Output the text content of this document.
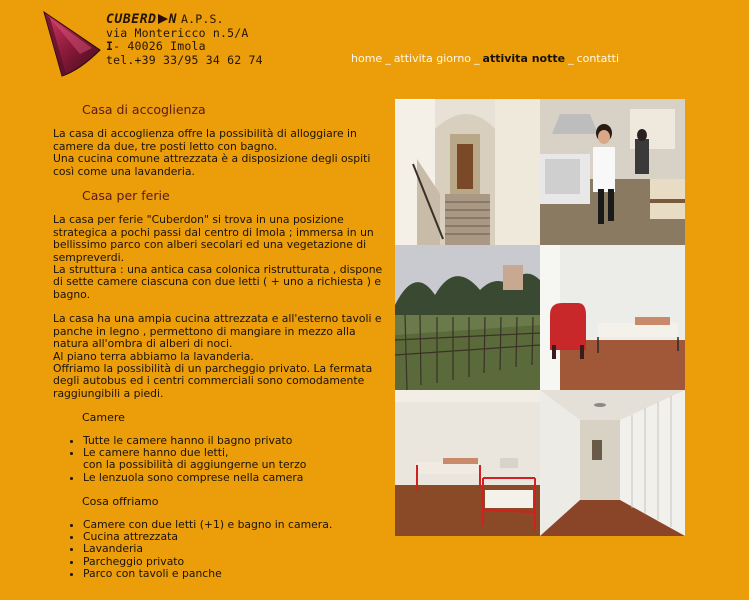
CUBERD N A.P.S.
via Montericco n.5/A
I- 40026 Imola
tel.+39 33/95 34 62 74	home _ attivita giorno _ attivita notte _ contatti
Casa di accoglienza

La casa di accoglienza offre la possibilità di alloggiare in camere da due, tre posti letto con bagno.
Una cucina comune attrezzata è a disposizione degli ospiti così come una lavanderia.

Casa per ferie

La casa per ferie "Cuberdon" si trova in una posizione strategica a pochi passi dal centro di Imola ; immersa in un bellissimo parco con alberi secolari ed una vegetazione di sempreverdi.
La struttura : una antica casa colonica ristrutturata , dispone di sette camere ciascuna con due letti ( + uno a richiesta ) e bagno.

La casa ha una ampia cucina attrezzata e all'esterno tavoli e panche in legno , permettono di mangiare in mezzo alla natura all'ombra di alberi di noci.
Al piano terra abbiamo la lavanderia.
Offriamo la possibilità di un parcheggio privato. La fermata degli autobus ed i centri commerciali sono comodamente raggiungibili a piedi.

Camere
• Tutte le camere hanno il bagno privato
• Le camere hanno due letti,
con la possibilità di aggiungerne un terzo
• Le lenzuola sono comprese nella camera
Cosa offriamo
• Camere con due letti (+1) e bagno in camera.
• Cucina attrezzata
• Lavanderia
• Parcheggio privato
• Parco con tavoli e panche
